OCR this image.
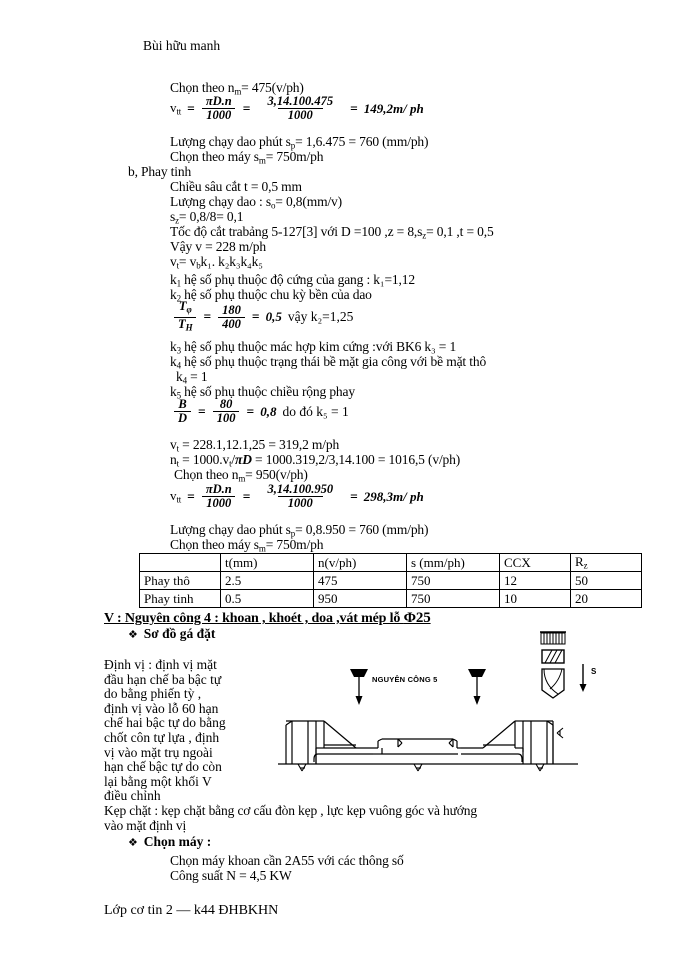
Bùi hữu manh
Chọn theo $n_m= 475(v/ph)$
$v_{tt} = \frac{\pi D.n}{1000} = \frac{3,14.100.475}{1000} = 149,2m/$ ph
Lượng chạy dao phút $s_p= 1,6.475 = 760$ (mm/ph)
Chọn theo máy $s_m= 750m/ph$
b, Phay tinh
Chiều sâu cắt t = 0,5 mm
Lượng chạy dao : $s_o= 0,8(mm/v)$
$s_z= 0,8/8= 0,1$
Tốc độ cắt trabảng 5-127[3] với D =100 $,z = 8,s_z= 0,1$ ,t = 0,5
Vậy v = 228 m/ph
$v_t= v_bk_1$. k₂k₃k₄k₅
$k_1$ hệ số phụ thuộc độ cứng của gang : k₁=1,12
$k_2$ hệ số phụ thuộc chu kỳ bền của dao
$\frac{T_\varphi}{T_H} = \frac{180}{400} = 0,5$ vậy k₂=1,25
$k_3$ hệ số phụ thuộc mác hợp kim cứng :với BK6 k₃ = 1
$k_4$ hệ số phụ thuộc trạng thái bề mặt gia công với bề mặt thô
$k_4 = 1$
$k_5$ hệ số phụ thuộc chiều rộng phay
$\frac{B}{D} = \frac{80}{100} = 0,8$ do đó k₅ = 1
$v_t = 228.1,12.1,25 = 319,2$ m/ph
$n_t = 1000.v_t/\pi D = 1000.319,2/3,14.100 = 1016,5$ (v/ph)
Chọn theo $n_m= 950(v/ph)$
$v_{tt} = \frac{\pi D.n}{1000} = \frac{3,14.100.950}{1000} = 298,3m/$ ph
Lượng chạy dao phút $s_p= 0,8.950 = 760$ (mm/ph)
Chọn theo máy $s_m= 750m/ph$
	t(mm)	n(v/ph)	s (mm/ph)	CCX	$R_z$
Phay thô	2.5	475	750	12	50
Phay tinh	0.5	950	750	10	20
V : Nguyên công 4 : khoan , khoét , doa ,vát mép lỗ Φ25
❖ Sơ đồ gá đặt
Định vị : định vị mặt
đầu hạn chế ba bậc tự
do bằng phiến tỳ ,
định vị vào lỗ 60 hạn
chế hai bậc tự do bằng
chốt côn tự lựa , định
vị vào mặt trụ ngoài
hạn chế bậc tự do còn
lại bằng một khối V
điều chỉnh
Kẹp chặt : kẹp chặt bằng cơ cấu đòn kẹp , lực kẹp vuông góc và hướng
vào mặt định vị
❖ Chọn máy :
Chọn máy khoan cần 2A55 với các thông số
Công suất N = 4,5 KW
NGUYÊN CÔNG 5
S
Lớp cơ tin 2 — k44 ĐHBKHN
